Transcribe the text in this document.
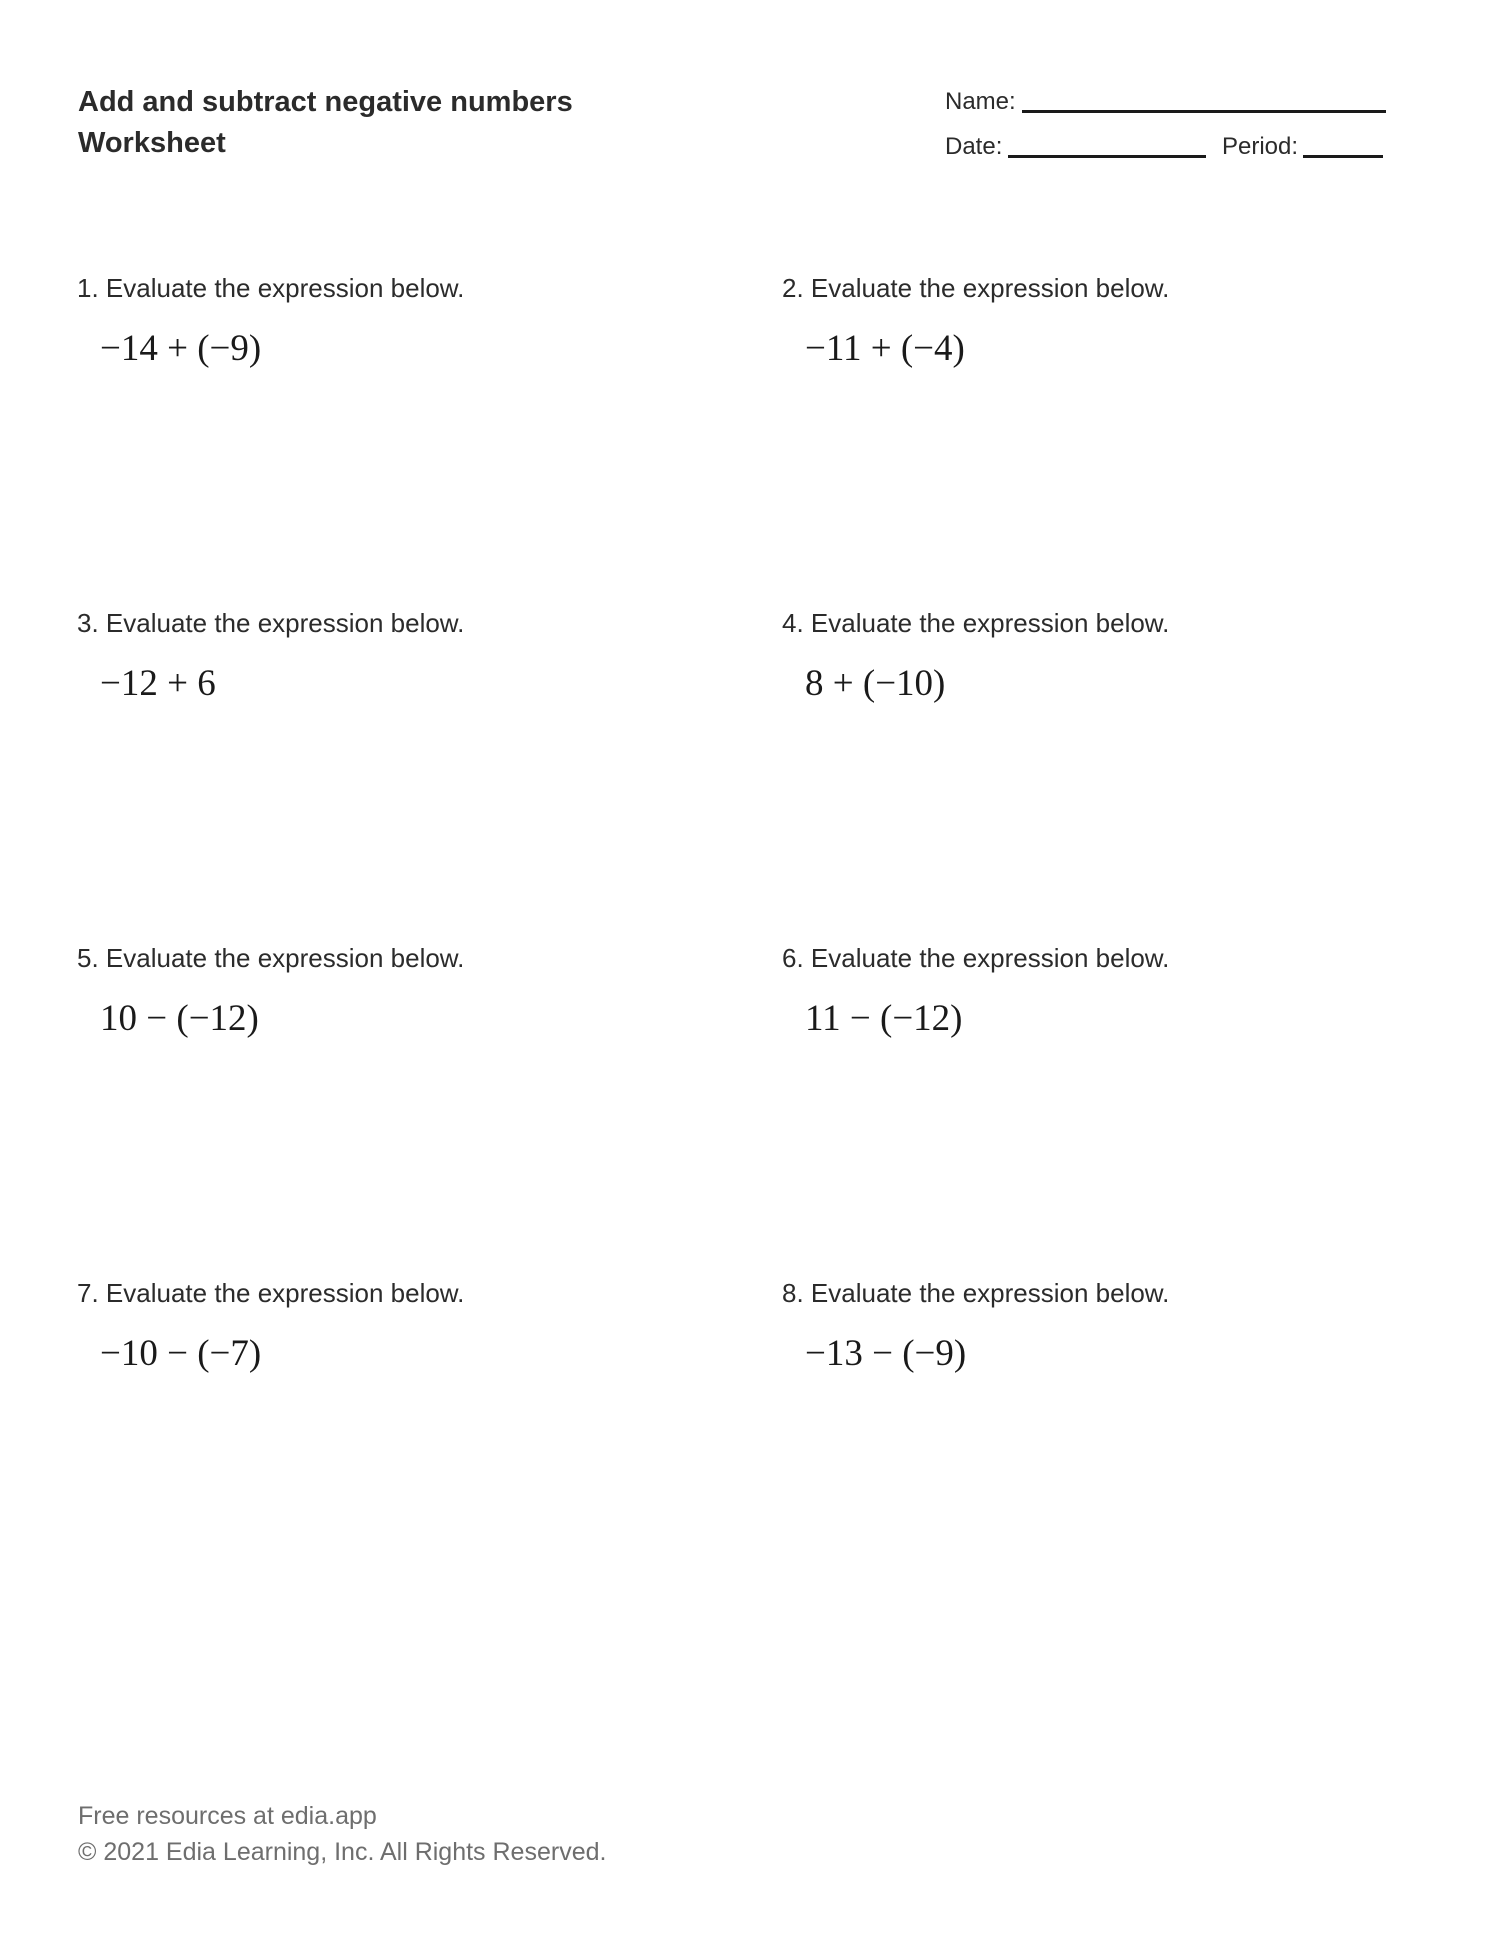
Add and subtract negative numbers
Worksheet
Name:
Date:	Period:
1. Evaluate the expression below.
−14 + (−9)
2. Evaluate the expression below.
−11 + (−4)
3. Evaluate the expression below.
−12 + 6
4. Evaluate the expression below.
8 + (−10)
5. Evaluate the expression below.
10 − (−12)
6. Evaluate the expression below.
11 − (−12)
7. Evaluate the expression below.
−10 − (−7)
8. Evaluate the expression below.
−13 − (−9)
Free resources at edia.app
© 2021 Edia Learning, Inc. All Rights Reserved.
